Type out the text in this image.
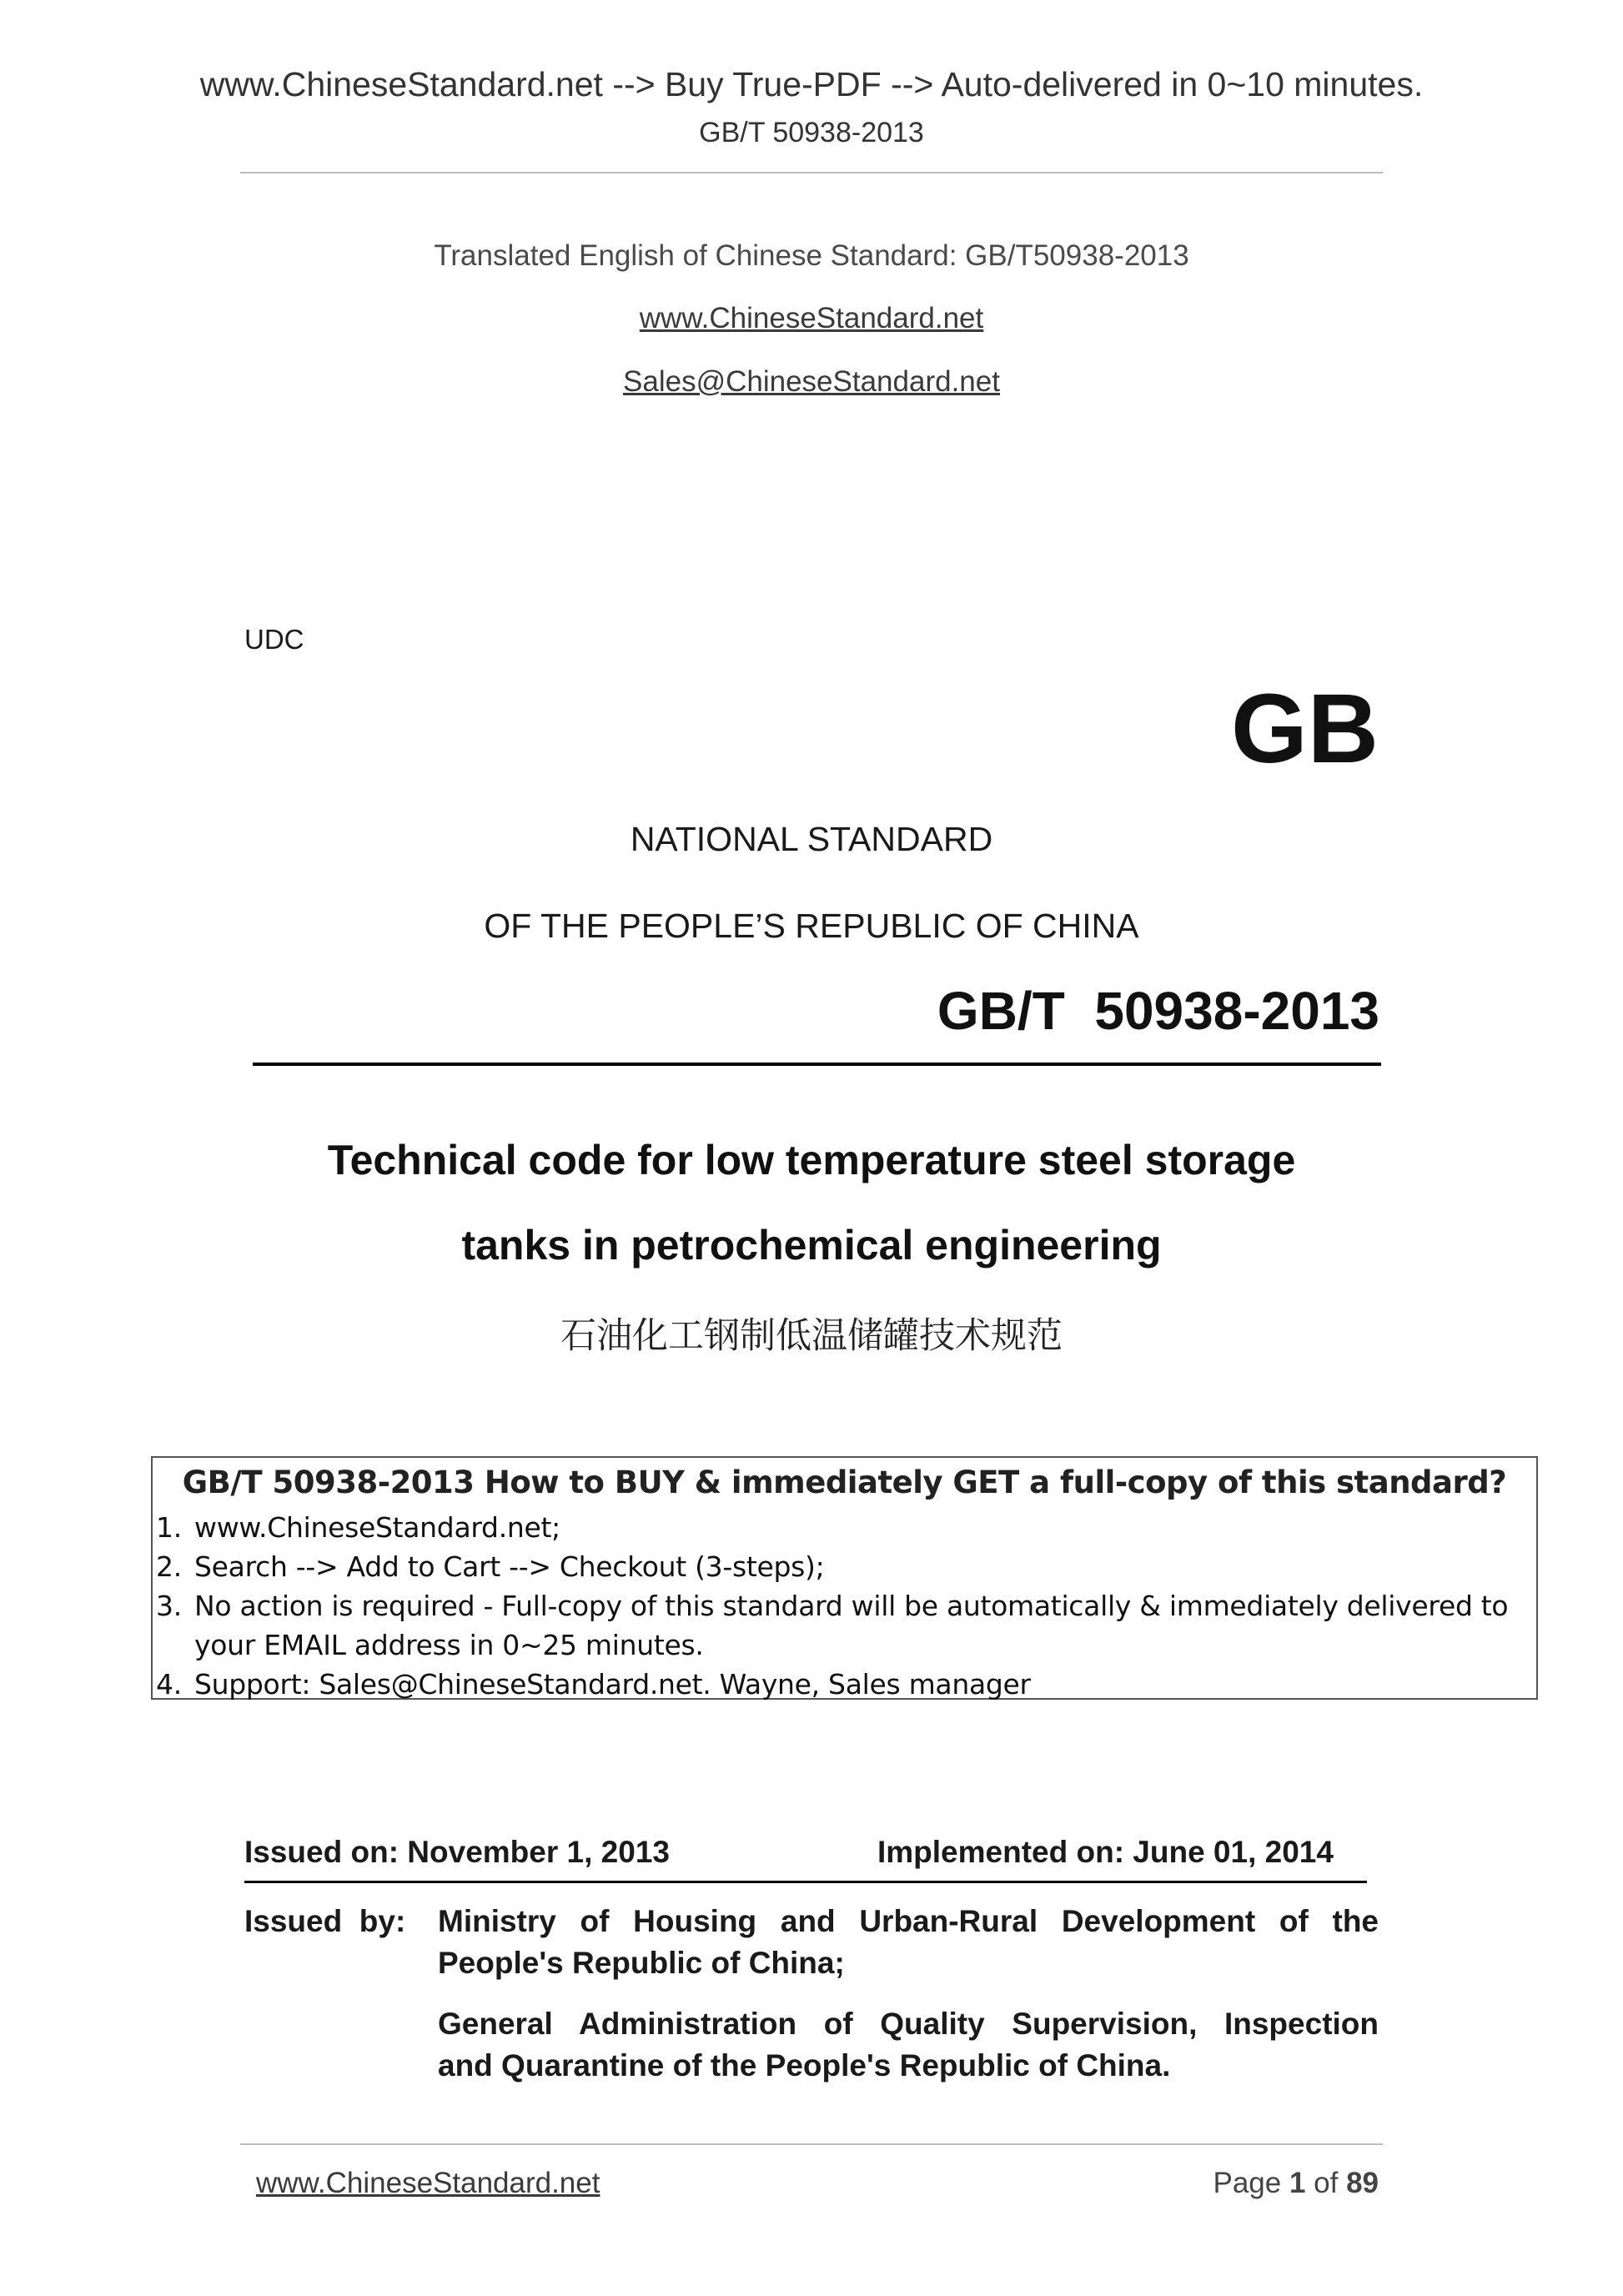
www.ChineseStandard.net --> Buy True-PDF --> Auto-delivered in 0~10 minutes.
GB/T 50938-2013
Translated English of Chinese Standard: GB/T50938-2013
www.ChineseStandard.net
Sales@ChineseStandard.net
UDC
GB
NATIONAL STANDARD
OF THE PEOPLE’S REPUBLIC OF CHINA
GB/T  50938-2013
Technical code for low temperature steel storage
tanks in petrochemical engineering
石油化工钢制低温储罐技术规范
GB/T 50938-2013 How to BUY & immediately GET a full-copy of this standard?
1. www.ChineseStandard.net;
2. Search --> Add to Cart --> Checkout (3-steps);
3. No action is required - Full-copy of this standard will be automatically & immediately delivered to
your EMAIL address in 0~25 minutes.
4. Support: Sales@ChineseStandard.net. Wayne, Sales manager
Issued on: November 1, 2013	Implemented on: June 01, 2014
Issued  by: Ministry of Housing and Urban-Rural Development of the
People's Republic of China;
General Administration of Quality Supervision, Inspection
and Quarantine of the People's Republic of China.
www.ChineseStandard.net	Page 1 of 89
